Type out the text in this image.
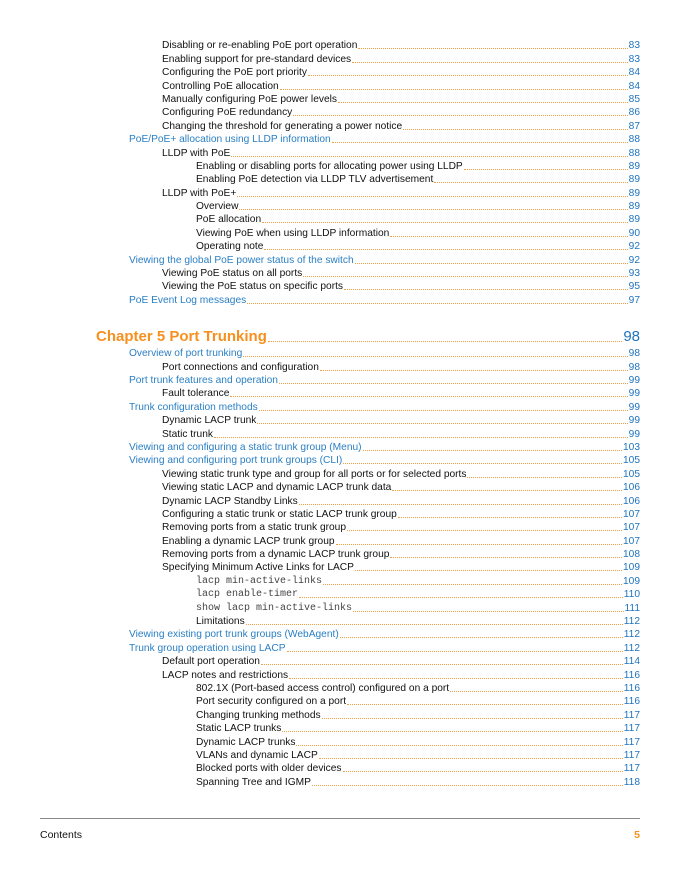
Disabling or re-enabling PoE port operation	83
Enabling support for pre-standard devices	83
Configuring the PoE port priority	84
Controlling PoE allocation	84
Manually configuring PoE power levels	85
Configuring PoE redundancy	86
Changing the threshold for generating a power notice	87
PoE/PoE+ allocation using LLDP information	88
LLDP with PoE	88
Enabling or disabling ports for allocating power using LLDP	89
Enabling PoE detection via LLDP TLV advertisement	89
LLDP with PoE+	89
Overview	89
PoE allocation	89
Viewing PoE when using LLDP information	90
Operating note	92
Viewing the global PoE power status of the switch	92
Viewing PoE status on all ports	93
Viewing the PoE status on specific ports	95
PoE Event Log messages	97
Chapter 5 Port Trunking	98
Overview of port trunking	98
Port connections and configuration	98
Port trunk features and operation	99
Fault tolerance	99
Trunk configuration methods	99
Dynamic LACP trunk	99
Static trunk	99
Viewing and configuring a static trunk group (Menu)	103
Viewing and configuring port trunk groups (CLI)	105
Viewing static trunk type and group for all ports or for selected ports	105
Viewing static LACP and dynamic LACP trunk data	106
Dynamic LACP Standby Links	106
Configuring a static trunk or static LACP trunk group	107
Removing ports from a static trunk group	107
Enabling a dynamic LACP trunk group	107
Removing ports from a dynamic LACP trunk group	108
Specifying Minimum Active Links for LACP	109
lacp min-active-links	109
lacp enable-timer	110
show lacp min-active-links	111
Limitations	112
Viewing existing port trunk groups (WebAgent)	112
Trunk group operation using LACP	112
Default port operation	114
LACP notes and restrictions	116
802.1X (Port-based access control) configured on a port	116
Port security configured on a port	116
Changing trunking methods	117
Static LACP trunks	117
Dynamic LACP trunks	117
VLANs and dynamic LACP	117
Blocked ports with older devices	117
Spanning Tree and IGMP	118
Contents	5
